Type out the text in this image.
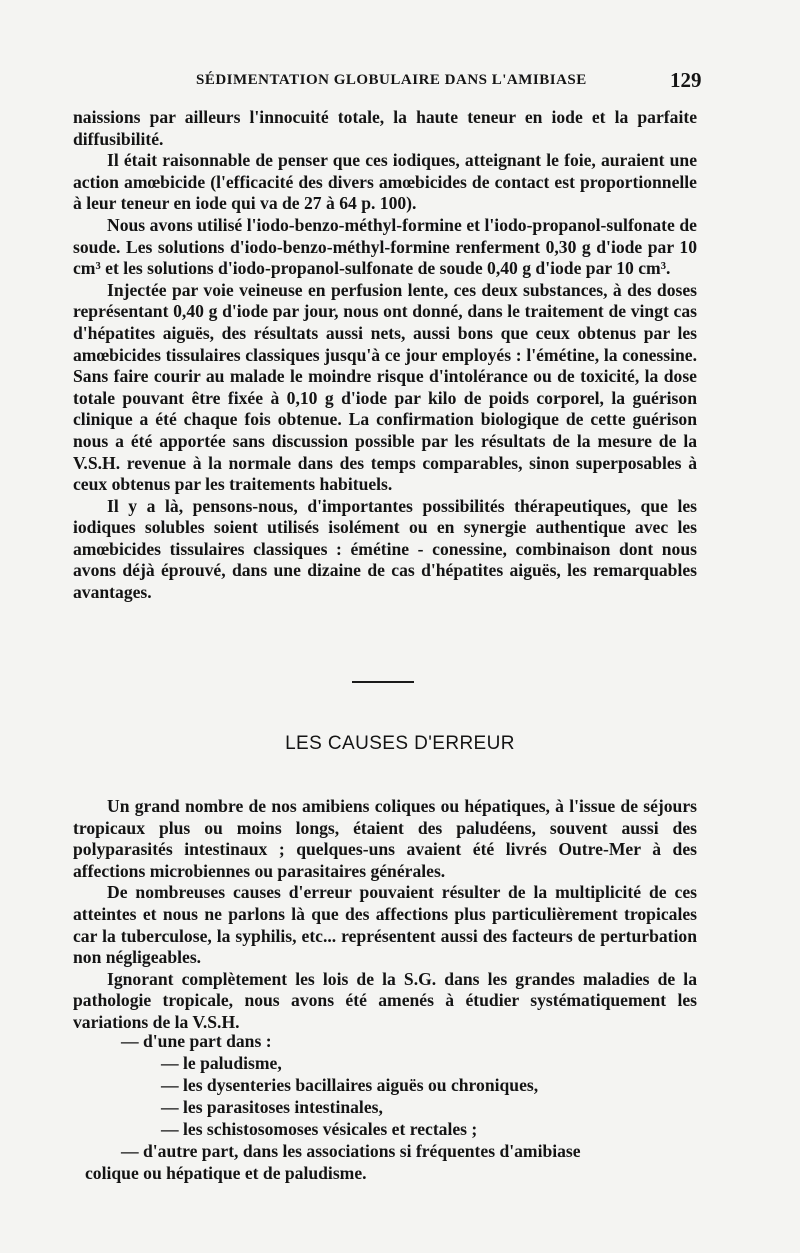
SÉDIMENTATION GLOBULAIRE DANS L'AMIBIASE	129

naissions par ailleurs l'innocuité totale, la haute teneur en iode et la parfaite diffusibilité.

Il était raisonnable de penser que ces iodiques, atteignant le foie, auraient une action amœbicide (l'efficacité des divers amœbicides de contact est proportionnelle à leur teneur en iode qui va de 27 à 64 p. 100).

Nous avons utilisé l'iodo-benzo-méthyl-formine et l'iodo-propanol-sulfonate de soude. Les solutions d'iodo-benzo-méthyl-formine renferment 0,30 g d'iode par 10 cm³ et les solutions d'iodo-propanol-sulfonate de soude 0,40 g d'iode par 10 cm³.

Injectée par voie veineuse en perfusion lente, ces deux substances, à des doses représentant 0,40 g d'iode par jour, nous ont donné, dans le traitement de vingt cas d'hépatites aiguës, des résultats aussi nets, aussi bons que ceux obtenus par les amœbicides tissulaires classiques jusqu'à ce jour employés : l'émétine, la conessine. Sans faire courir au malade le moindre risque d'intolérance ou de toxicité, la dose totale pouvant être fixée à 0,10 g d'iode par kilo de poids corporel, la guérison clinique a été chaque fois obtenue. La confirmation biologique de cette guérison nous a été apportée sans discussion possible par les résultats de la mesure de la V.S.H. revenue à la normale dans des temps comparables, sinon superposables à ceux obtenus par les traitements habituels.

Il y a là, pensons-nous, d'importantes possibilités thérapeutiques, que les iodiques solubles soient utilisés isolément ou en synergie authentique avec les amœbicides tissulaires classiques : émétine - conessine, combinaison dont nous avons déjà éprouvé, dans une dizaine de cas d'hépatites aiguës, les remarquables avantages.

LES CAUSES D'ERREUR

Un grand nombre de nos amibiens coliques ou hépatiques, à l'issue de séjours tropicaux plus ou moins longs, étaient des paludéens, souvent aussi des polyparasités intestinaux ; quelques-uns avaient été livrés Outre-Mer à des affections microbiennes ou parasitaires générales.

De nombreuses causes d'erreur pouvaient résulter de la multiplicité de ces atteintes et nous ne parlons là que des affections plus particulièrement tropicales car la tuberculose, la syphilis, etc... représentent aussi des facteurs de perturbation non négligeables.

Ignorant complètement les lois de la S.G. dans les grandes maladies de la pathologie tropicale, nous avons été amenés à étudier systématiquement les variations de la V.S.H.

— d'une part dans :
— le paludisme,
— les dysenteries bacillaires aiguës ou chroniques,
— les parasitoses intestinales,
— les schistosomoses vésicales et rectales ;
— d'autre part, dans les associations si fréquentes d'amibiase
colique ou hépatique et de paludisme.
